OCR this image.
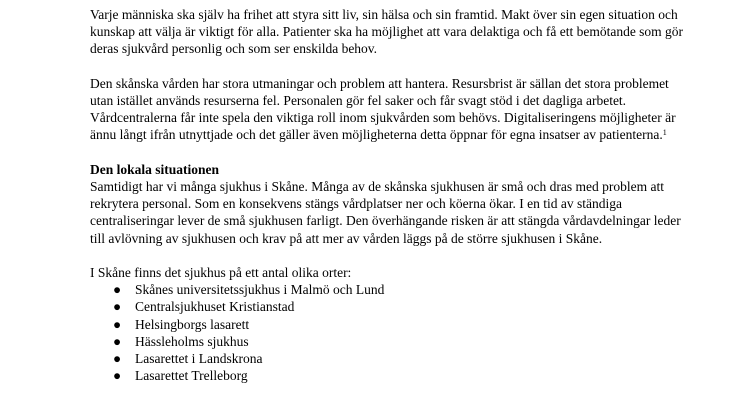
Varje människa ska själv ha frihet att styra sitt liv, sin hälsa och sin framtid. Makt över sin egen situation och kunskap att välja är viktigt för alla. Patienter ska ha möjlighet att vara delaktiga och få ett bemötande som gör deras sjukvård personlig och som ser enskilda behov.

Den skånska vården har stora utmaningar och problem att hantera. Resursbrist är sällan det stora problemet utan istället används resurserna fel. Personalen gör fel saker och får svagt stöd i det dagliga arbetet. Vårdcentralerna får inte spela den viktiga roll inom sjukvården som behövs. Digitaliseringens möjligheter är ännu långt ifrån utnyttjade och det gäller även möjligheterna detta öppnar för egna insatser av patienterna.$^1$

Den lokala situationen

Samtidigt har vi många sjukhus i Skåne. Många av de skånska sjukhusen är små och dras med problem att rekrytera personal. Som en konsekvens stängs vårdplatser ner och köerna ökar. I en tid av ständiga centraliseringar lever de små sjukhusen farligt. Den överhängande risken är att stängda vårdavdelningar leder till avlövning av sjukhusen och krav på att mer av vården läggs på de större sjukhusen i Skåne.

I Skåne finns det sjukhus på ett antal olika orter:

● Skånes universitetssjukhus i Malmö och Lund
● Centralsjukhuset Kristianstad
● Helsingborgs lasarett
● Hässleholms sjukhus
● Lasarettet i Landskrona
● Lasarettet Trelleborg
